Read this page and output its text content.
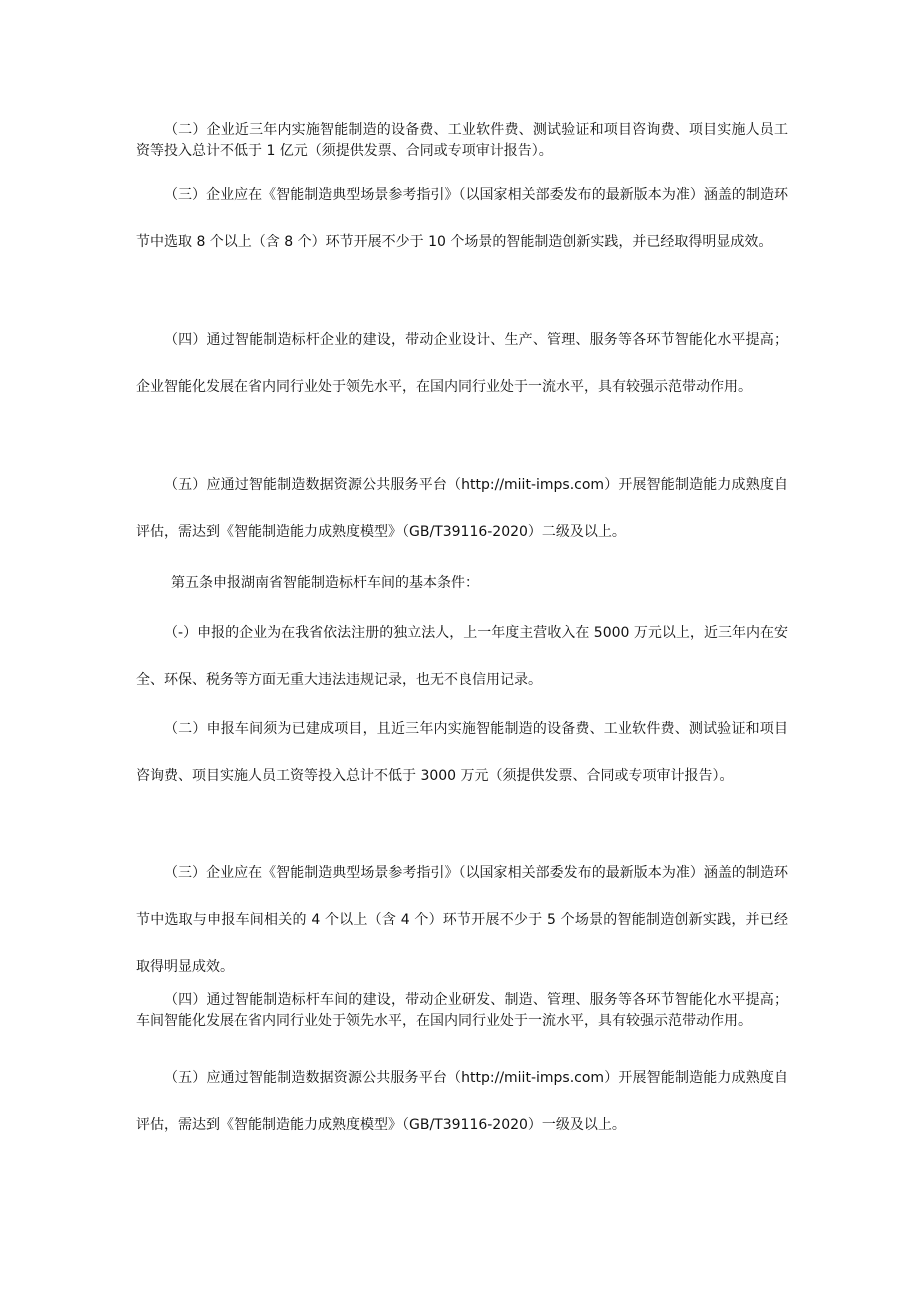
（二）企业近三年内实施智能制造的设备费、工业软件费、测试验证和项目咨询费、项目实施人员工资等投入总计不低于 1 亿元（须提供发票、合同或专项审计报告）。

（三）企业应在《智能制造典型场景参考指引》（以国家相关部委发布的最新版本为准）涵盖的制造环节中选取 8 个以上（含 8 个）环节开展不少于 10 个场景的智能制造创新实践，并已经取得明显成效。

（四）通过智能制造标杆企业的建设，带动企业设计、生产、管理、服务等各环节智能化水平提高；企业智能化发展在省内同行业处于领先水平，在国内同行业处于一流水平，具有较强示范带动作用。

（五）应通过智能制造数据资源公共服务平台（http://miit-imps.com）开展智能制造能力成熟度自评估，需达到《智能制造能力成熟度模型》（GB/T39116-2020）二级及以上。

第五条申报湖南省智能制造标杆车间的基本条件：

（-）申报的企业为在我省依法注册的独立法人，上一年度主营收入在 5000 万元以上，近三年内在安全、环保、税务等方面无重大违法违规记录，也无不良信用记录。

（二）申报车间须为已建成项目，且近三年内实施智能制造的设备费、工业软件费、测试验证和项目咨询费、项目实施人员工资等投入总计不低于 3000 万元（须提供发票、合同或专项审计报告）。

（三）企业应在《智能制造典型场景参考指引》（以国家相关部委发布的最新版本为准）涵盖的制造环节中选取与申报车间相关的 4 个以上（含 4 个）环节开展不少于 5 个场景的智能制造创新实践，并已经取得明显成效。

（四）通过智能制造标杆车间的建设，带动企业研发、制造、管理、服务等各环节智能化水平提高；车间智能化发展在省内同行业处于领先水平，在国内同行业处于一流水平，具有较强示范带动作用。

（五）应通过智能制造数据资源公共服务平台（http://miit-imps.com）开展智能制造能力成熟度自评估，需达到《智能制造能力成熟度模型》（GB/T39116-2020）一级及以上。
